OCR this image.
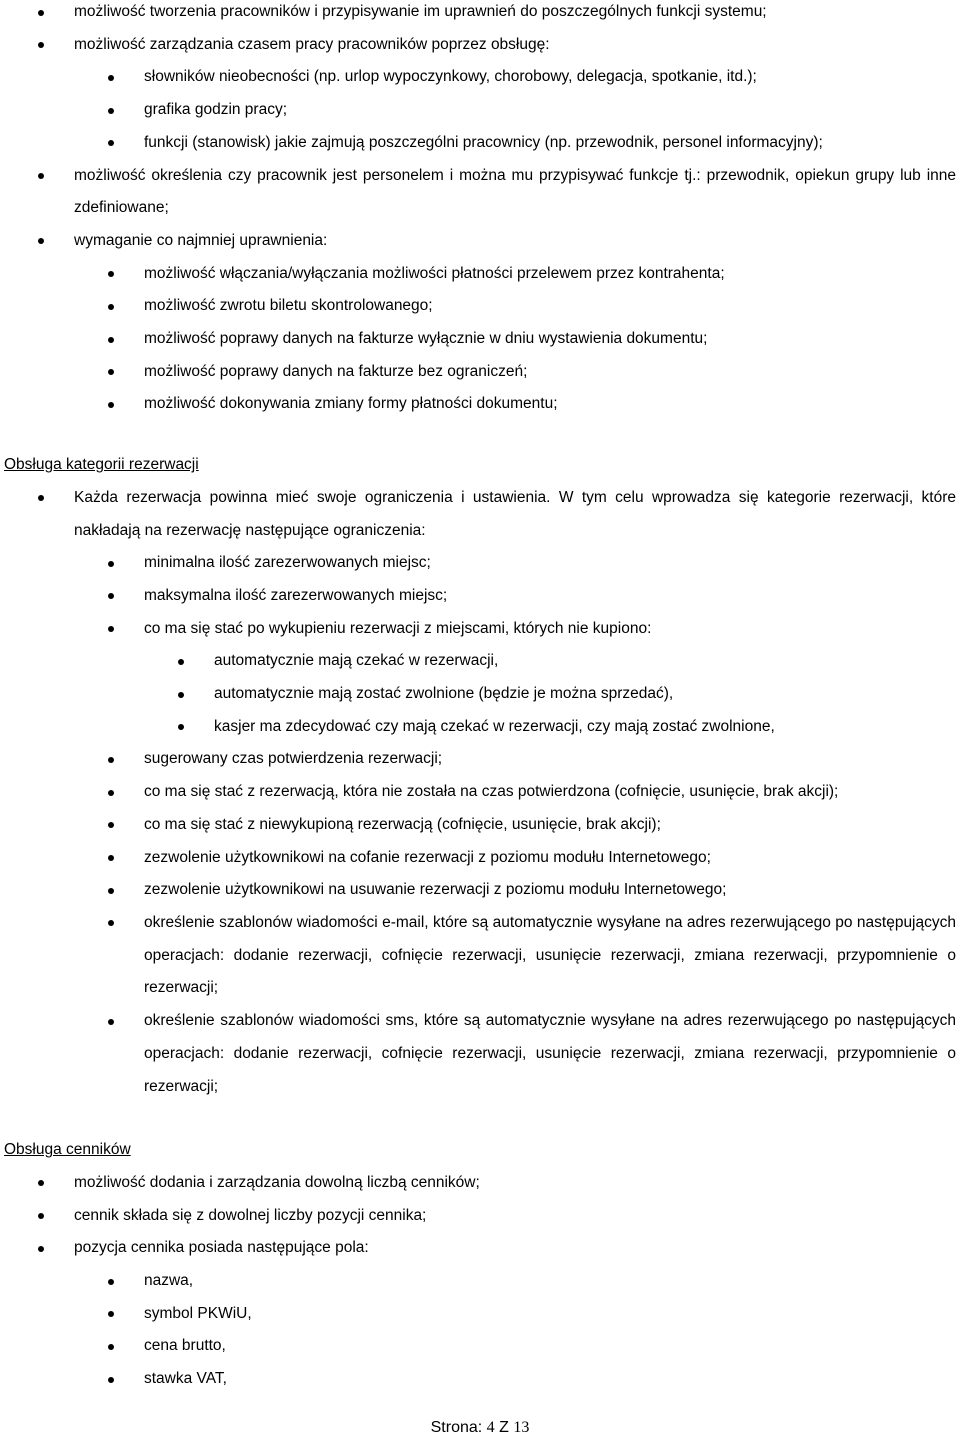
możliwość tworzenia pracowników i przypisywanie im uprawnień do poszczególnych funkcji systemu;
możliwość zarządzania czasem pracy pracowników poprzez obsługę:
słowników nieobecności (np. urlop wypoczynkowy, chorobowy, delegacja, spotkanie, itd.);
grafika godzin pracy;
funkcji (stanowisk) jakie zajmują poszczególni pracownicy (np. przewodnik, personel informacyjny);
możliwość określenia czy pracownik jest personelem i można mu przypisywać funkcje tj.: przewodnik, opiekun grupy lub inne zdefiniowane;
wymaganie co najmniej uprawnienia:
możliwość włączania/wyłączania możliwości płatności przelewem przez kontrahenta;
możliwość zwrotu biletu skontrolowanego;
możliwość poprawy danych na fakturze wyłącznie w dniu wystawienia dokumentu;
możliwość poprawy danych na fakturze bez ograniczeń;
możliwość dokonywania zmiany formy płatności dokumentu;
Obsługa kategorii rezerwacji
Każda rezerwacja powinna mieć swoje ograniczenia i ustawienia. W tym celu wprowadza się kategorie rezerwacji, które nakładają na rezerwację następujące ograniczenia:
minimalna ilość zarezerwowanych miejsc;
maksymalna ilość zarezerwowanych miejsc;
co ma się stać po wykupieniu rezerwacji z miejscami, których nie kupiono:
automatycznie mają czekać w rezerwacji,
automatycznie mają zostać zwolnione (będzie je można sprzedać),
kasjer ma zdecydować czy mają czekać w rezerwacji, czy mają zostać zwolnione,
sugerowany czas potwierdzenia rezerwacji;
co ma się stać z rezerwacją, która nie została na czas potwierdzona (cofnięcie, usunięcie, brak akcji);
co ma się stać z niewykupioną rezerwacją (cofnięcie, usunięcie, brak akcji);
zezwolenie użytkownikowi na cofanie rezerwacji z poziomu modułu Internetowego;
zezwolenie użytkownikowi na usuwanie rezerwacji z poziomu modułu Internetowego;
określenie szablonów wiadomości e-mail, które są automatycznie wysyłane na adres rezerwującego po następujących operacjach: dodanie rezerwacji, cofnięcie rezerwacji, usunięcie rezerwacji, zmiana rezerwacji, przypomnienie o rezerwacji;
określenie szablonów wiadomości sms, które są automatycznie wysyłane na adres rezerwującego po następujących operacjach: dodanie rezerwacji, cofnięcie rezerwacji, usunięcie rezerwacji, zmiana rezerwacji, przypomnienie o rezerwacji;
Obsługa cenników
możliwość dodania i zarządzania dowolną liczbą cenników;
cennik składa się z dowolnej liczby pozycji cennika;
pozycja cennika posiada następujące pola:
nazwa,
symbol PKWiU,
cena brutto,
stawka VAT,
Strona: 4 Z 13
